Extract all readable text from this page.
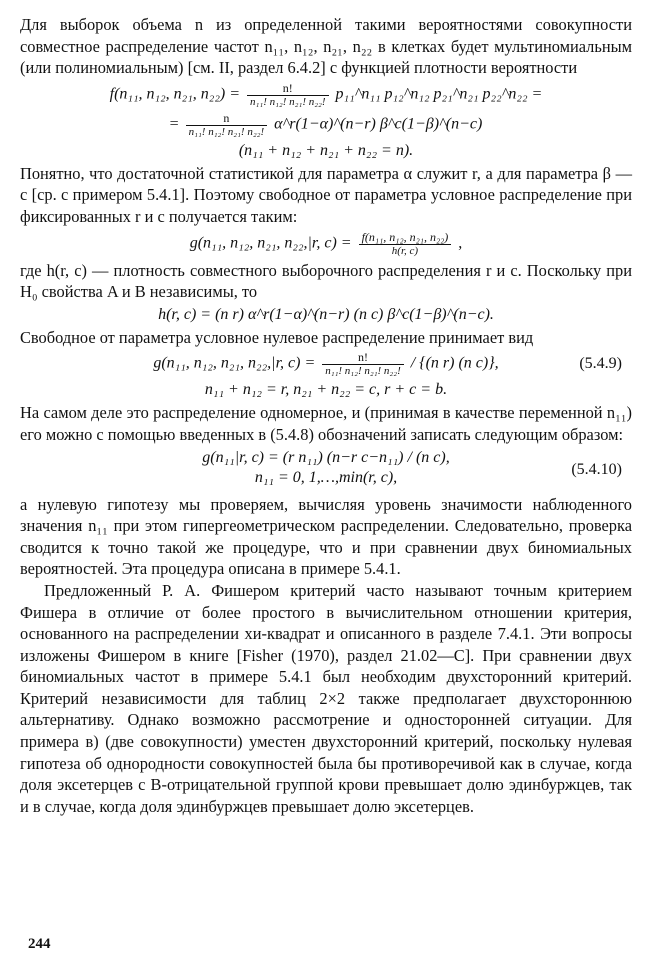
Для выборок объема n из определенной такими вероятностями совокупности совместное распределение частот n₁₁, n₁₂, n₂₁, n₂₂ в клетках будет мультиномиальным (или полиномиальным) [см. II, раздел 6.4.2] с функцией плотности вероятности

f(n₁₁, n₁₂, n₂₁, $n_{22}) = \frac{n!}{\text{n₁₁! n₁₂! n₂₁! n₂₂!}}$ p₁₁^n₁₁ p₁₂^n₁₂ p₂₁^n₂₁ p₂₂^n₂₂ =
= $\frac{n}{\text{n₁₁! n₁₂! n₂₁! n₂₂!}}$ α^r(1−α)^(n−r) β^c(1−β)^(n−c)
(n₁₁ + n₁₂ + n₂₁ + n₂₂ = n).

Понятно, что достаточной статистикой для параметра α служит r, а для параметра β — c [ср. с примером 5.4.1]. Поэтому свободное от параметра условное распределение при фиксированных r и c получается таким:

g(n₁₁, n₁₂, n₂₁, n₂₂,|r, $c) = \frac{\text{f(n₁₁, n₁₂, n₂₁, n₂₂)}}{h(r, c)}$ ,

где h(r, c) — плотность совместного выборочного распределения r и c. Поскольку при H₀ свойства A и B независимы, то

h(r, c) = (n r) α^r(1−α)^(n−r) (n c) β^c(1−β)^(n−c).

Свободное от параметра условное нулевое распределение принимает вид

g(n₁₁, n₁₂, n₂₁, n₂₂,|r, $c) = \frac{n!}{\text{n₁₁! n₁₂! n₂₁! n₂₂!}} / \{(n$ r) (n c)},	(5.4.9)
n₁₁ + n₁₂ = r, n₂₁ + n₂₂ = c, r + c = b.

На самом деле это распределение одномерное, и (принимая в качестве переменной n₁₁) его можно с помощью введенных в (5.4.8) обозначений записать следующим образом:

g(n₁₁|r, c) = (r n₁₁) (n−r c−n₁₁) / (n c),
n₁₁ = 0, 1,…,min(r, c),	(5.4.10)

а нулевую гипотезу мы проверяем, вычисляя уровень значимости наблюденного значения n₁₁ при этом гипергеометрическом распределении. Следовательно, проверка сводится к точно такой же процедуре, что и при сравнении двух биномиальных вероятностей. Эта процедура описана в примере 5.4.1.

Предложенный Р. А. Фишером критерий часто называют точным критерием Фишера в отличие от более простого в вычислительном отношении критерия, основанного на распределении хи-квадрат и описанного в разделе 7.4.1. Эти вопросы изложены Фишером в книге [Fisher (1970), раздел 21.02—C]. При сравнении двух биномиальных частот в примере 5.4.1 был необходим двухсторонний критерий. Критерий независимости для таблиц 2×2 также предполагает двухстороннюю альтернативу. Однако возможно рассмотрение и односторонней ситуации. Для примера в) (две совокупности) уместен двухсторонний критерий, поскольку нулевая гипотеза об однородности совокупностей была бы противоречивой как в случае, когда доля эксетерцев с B-отрицательной группой крови превышает долю эдинбуржцев, так и в случае, когда доля эдинбуржцев превышает долю эксетерцев.

244
